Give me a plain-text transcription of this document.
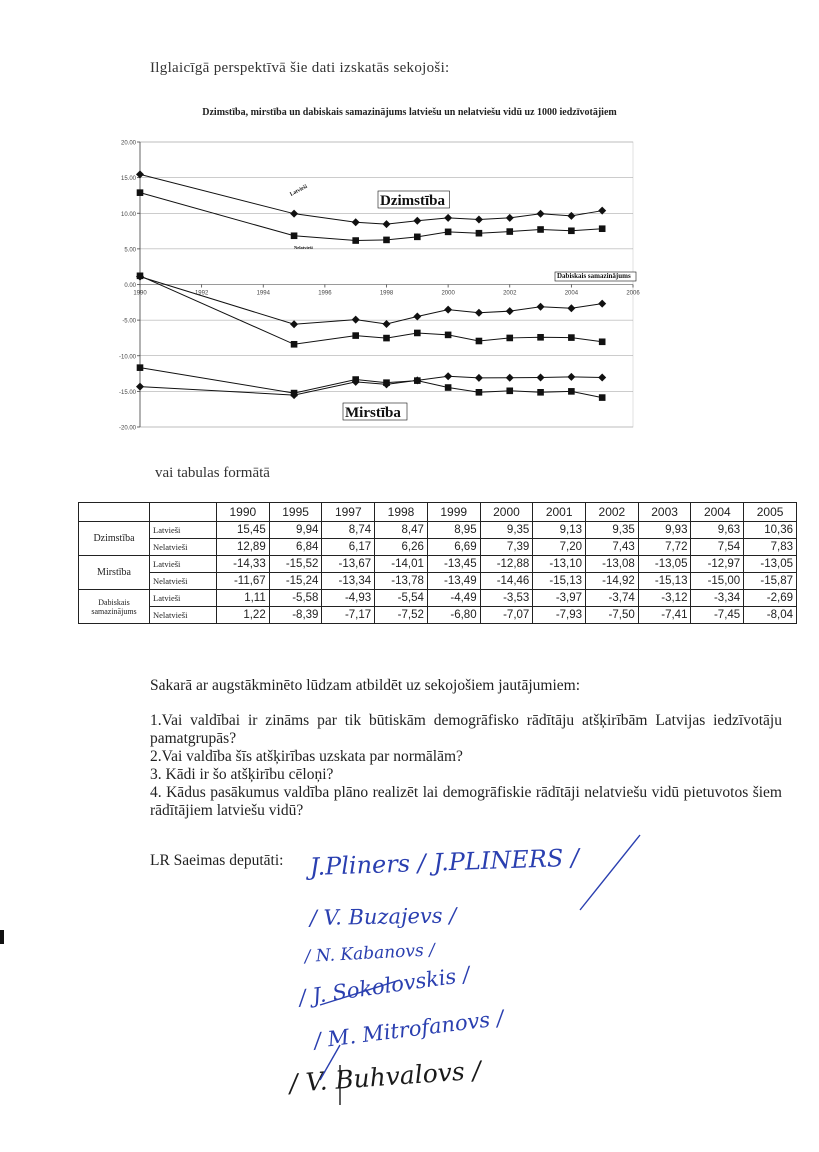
Ilglaicīgā perspektīvā šie dati izskatās sekojoši:
Dzimstība, mirstība un dabiskais samazinājums latviešu un nelatviešu vidū uz 1000 iedzīvotājiem
20.00
15.00
10.00
5.00
0.00
-5.00
-10.00
-15.00
-20.00
1990	1992	1994	1996	1998	2000	2002	2004	2006
Dzimstība
Mirstība
Dabiskais samazinājums
Latvieši
Nelatvieši
vai tabulas formātā
		1990	1995	1997	1998	1999	2000	2001	2002	2003	2004	2005
Dzimstība	Latvieši	15,45	9,94	8,74	8,47	8,95	9,35	9,13	9,35	9,93	9,63	10,36
	Nelatvieši	12,89	6,84	6,17	6,26	6,69	7,39	7,20	7,43	7,72	7,54	7,83
Mirstība	Latvieši	-14,33	-15,52	-13,67	-14,01	-13,45	-12,88	-13,10	-13,08	-13,05	-12,97	-13,05
	Nelatvieši	-11,67	-15,24	-13,34	-13,78	-13,49	-14,46	-15,13	-14,92	-15,13	-15,00	-15,87
Dabiskais samazinājums	Latvieši	1,11	-5,58	-4,93	-5,54	-4,49	-3,53	-3,97	-3,74	-3,12	-3,34	-2,69
	Nelatvieši	1,22	-8,39	-7,17	-7,52	-6,80	-7,07	-7,93	-7,50	-7,41	-7,45	-8,04
Sakarā ar augstākminēto lūdzam atbildēt uz sekojošiem jautājumiem:
1.Vai valdībai ir zināms par tik būtiskām demogrāfisko rādītāju atšķirībām Latvijas iedzīvotāju pamatgrupās?
2.Vai valdība šīs atšķirības uzskata par normālām?
3. Kādi ir šo atšķirību cēloņi?
4. Kādus pasākumus valdība plāno realizēt lai demogrāfiskie rādītāji nelatviešu vidū pietuvotos šiem rādītājiem latviešu vidū?
LR Saeimas deputāti: J.Pliners / J.PLINERS /
/ V. Buzajevs /
/ N. Kabanovs /
/ J. Sokolovskis /
/ M. Mitrofanovs /
/ V. Buhvalovs /
